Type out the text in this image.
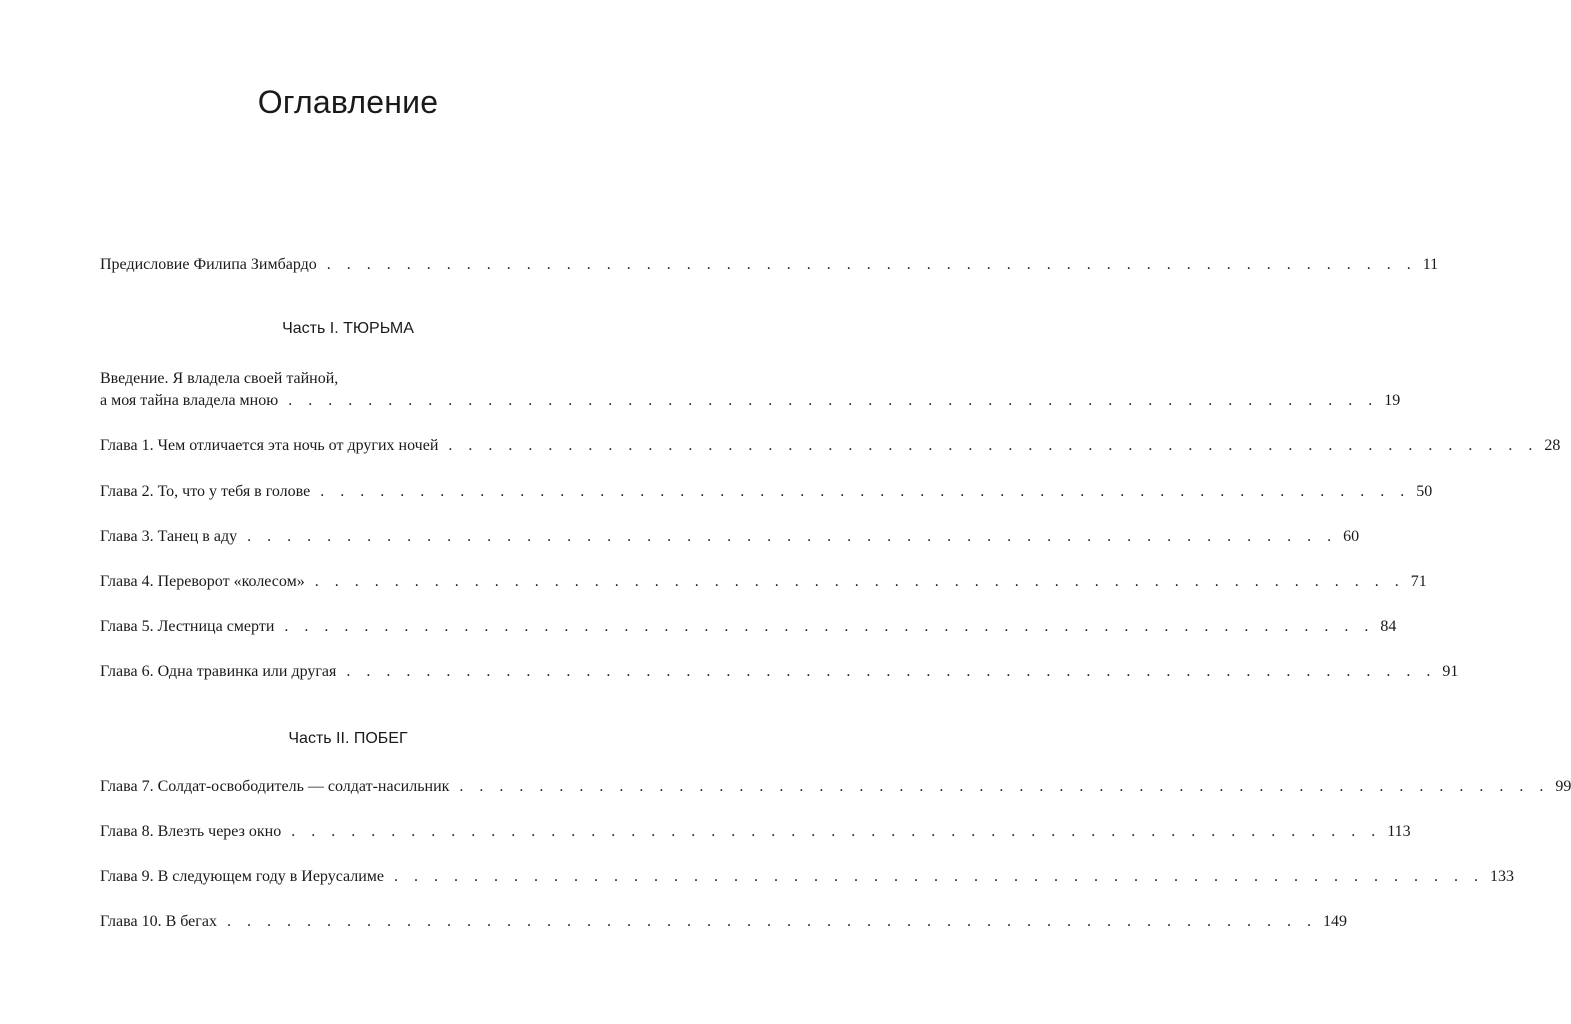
Оглавление
Предисловие Филипа Зимбардо . . . . . . . . . . . . . . . . . . . . . . . . . . . . . . . . . . . . . . . . . . . . . . . . . . . . . . . 11
Часть I. ТЮРЬМА
Введение. Я владела своей тайной,
а моя тайна владела мною . . . . . . . . . . . . . . . . . . . . . . . . . . . . . . . . . . . . . . . . . . . . . . . . . . . . . . . 19
Глава 1. Чем отличается эта ночь от других ночей . . . . . . . . . . . . . . . . . . . . . . . . . . . . . . . . . . . . . . . . . . . . . . . . . . . . . . . 28
Глава 2. То, что у тебя в голове . . . . . . . . . . . . . . . . . . . . . . . . . . . . . . . . . . . . . . . . . . . . . . . . . . . . . . . 50
Глава 3. Танец в аду . . . . . . . . . . . . . . . . . . . . . . . . . . . . . . . . . . . . . . . . . . . . . . . . . . . . . . . 60
Глава 4. Переворот «колесом» . . . . . . . . . . . . . . . . . . . . . . . . . . . . . . . . . . . . . . . . . . . . . . . . . . . . . . . 71
Глава 5. Лестница смерти . . . . . . . . . . . . . . . . . . . . . . . . . . . . . . . . . . . . . . . . . . . . . . . . . . . . . . . 84
Глава 6. Одна травинка или другая . . . . . . . . . . . . . . . . . . . . . . . . . . . . . . . . . . . . . . . . . . . . . . . . . . . . . . . 91
Часть II. ПОБЕГ
Глава 7. Солдат-освободитель — солдат-насильник . . . . . . . . . . . . . . . . . . . . . . . . . . . . . . . . . . . . . . . . . . . . . . . . . . . . . . . 99
Глава 8. Влезть через окно . . . . . . . . . . . . . . . . . . . . . . . . . . . . . . . . . . . . . . . . . . . . . . . . . . . . . . . 113
Глава 9. В следующем году в Иерусалиме . . . . . . . . . . . . . . . . . . . . . . . . . . . . . . . . . . . . . . . . . . . . . . . . . . . . . . . 133
Глава 10. В бегах . . . . . . . . . . . . . . . . . . . . . . . . . . . . . . . . . . . . . . . . . . . . . . . . . . . . . . . 149
